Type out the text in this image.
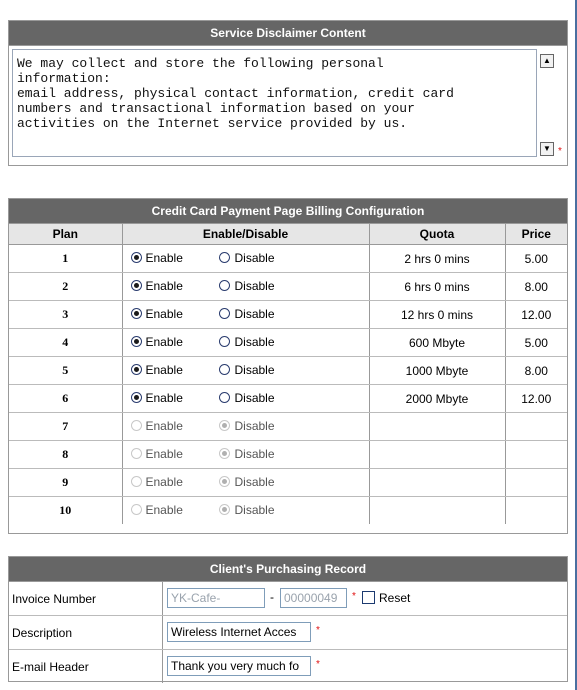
Service Disclaimer Content
We may collect and store the following personal
information:
email address, physical contact information, credit card
numbers and transactional information based on your
activities on the Internet service provided by us.
▲
▼ *
Credit Card Payment Page Billing Configuration
Plan	Enable/Disable	Quota	Price
1	Enable Disable	2 hrs 0 mins	5.00
2	Enable Disable	6 hrs 0 mins	8.00
3	Enable Disable	12 hrs 0 mins	12.00
4	Enable Disable	600 Mbyte	5.00
5	Enable Disable	1000 Mbyte	8.00
6	Enable Disable	2000 Mbyte	12.00
7	Enable Disable		

8	Enable Disable		

9	Enable Disable		

10	Enable Disable		

Client's Purchasing Record
Invoice Number	YK-Cafe- - 00000049 * Reset

Description	Wireless Internet Acces *

E-mail Header	Thank you very much fo *
